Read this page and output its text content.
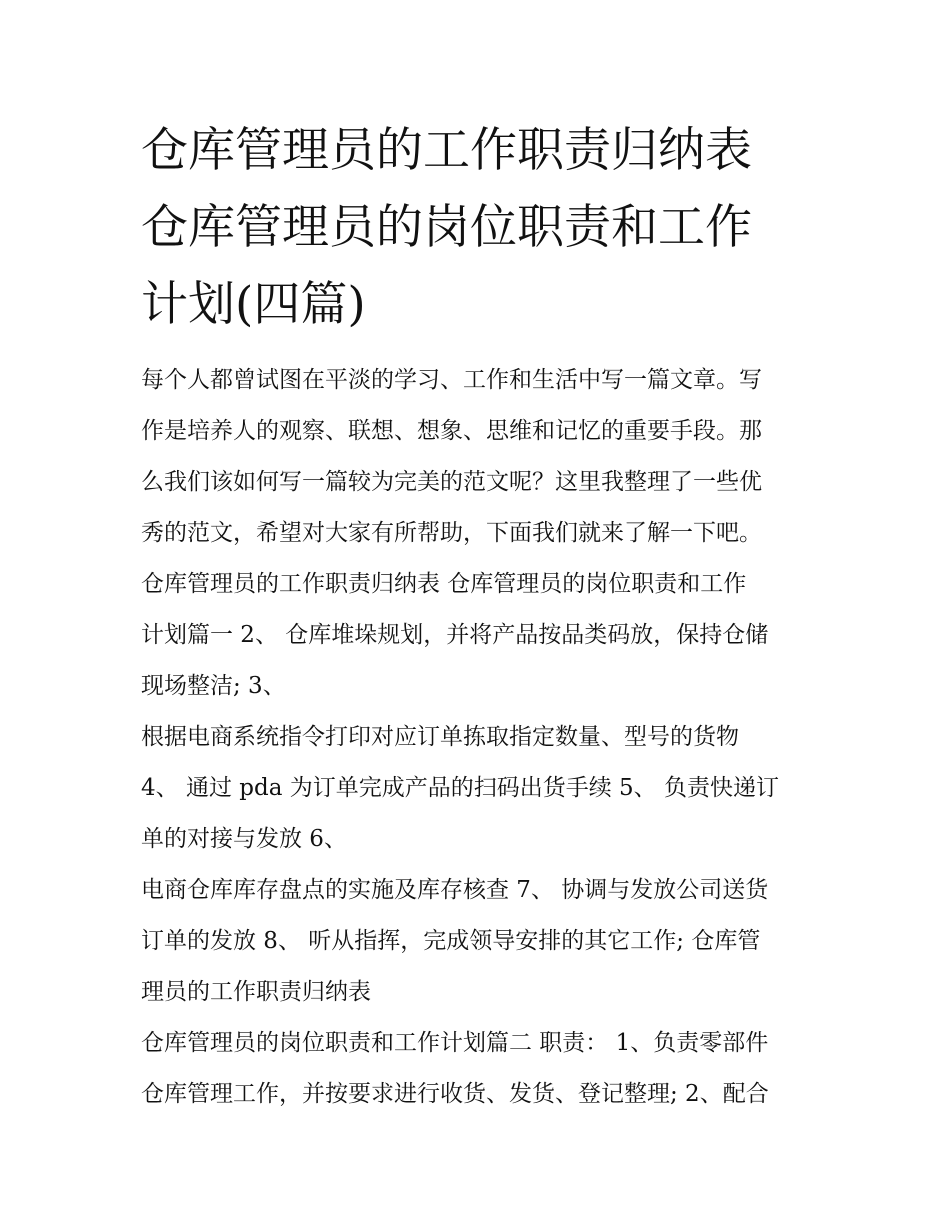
仓库管理员的工作职责归纳表
仓库管理员的岗位职责和工作
计划(四篇)
每个人都曾试图在平淡的学习、工作和生活中写一篇文章。写
作是培养人的观察、联想、想象、思维和记忆的重要手段。那
么我们该如何写一篇较为完美的范文呢？这里我整理了一些优
秀的范文，希望对大家有所帮助，下面我们就来了解一下吧。
仓库管理员的工作职责归纳表 仓库管理员的岗位职责和工作
计划篇一 2、 仓库堆垛规划，并将产品按品类码放，保持仓储
现场整洁; 3、
根据电商系统指令打印对应订单拣取指定数量、型号的货物
4、 通过 pda 为订单完成产品的扫码出货手续 5、 负责快递订
单的对接与发放 6、
电商仓库库存盘点的实施及库存核查 7、 协调与发放公司送货
订单的发放 8、 听从指挥，完成领导安排的其它工作; 仓库管
理员的工作职责归纳表
仓库管理员的岗位职责和工作计划篇二 职责： 1、负责零部件
仓库管理工作，并按要求进行收货、发货、登记整理; 2、配合
